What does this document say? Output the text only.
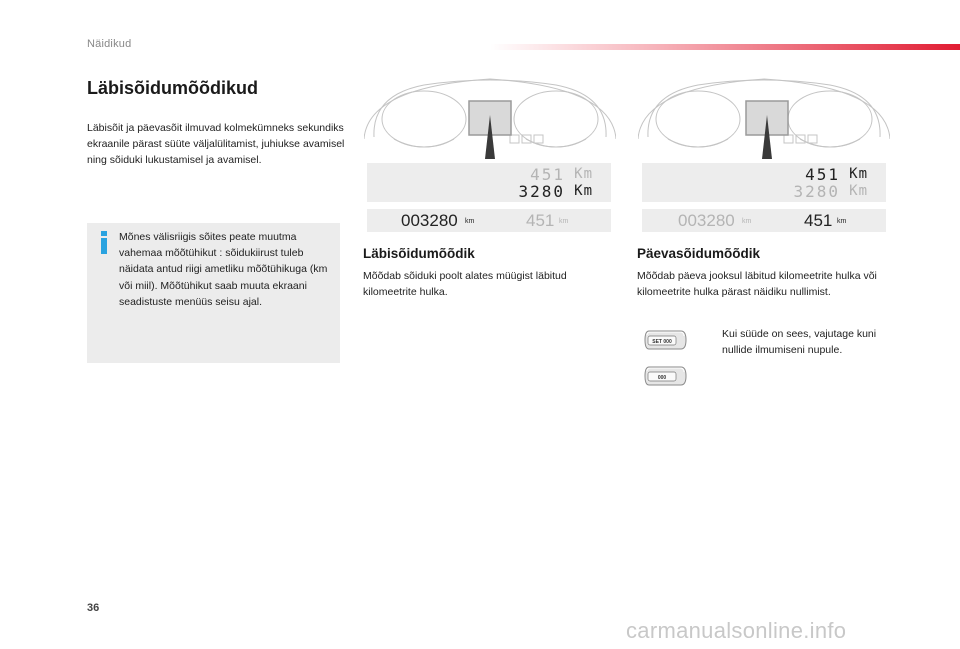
Näidikud
Läbisõidumõõdikud

Läbisõit ja päevasõit ilmuvad kolmekümneks sekundiks ekraanile pärast süüte väljalülitamist, juhiukse avamisel ning sõiduki lukustamisel ja avamisel.

Mõnes välisriigis sõites peate muutma vahemaa mõõtühikut : sõidukiirust tuleb näidata antud riigi ametliku mõõtühikuga (km või miil). Mõõtühikut saab muuta ekraani seadistuste menüüs seisu ajal.

451 Km
3280 Km
003280 km	451 km
451 Km
3280 Km
003280 km	451 km
Läbisõidumõõdik

Mõõdab sõiduki poolt alates müügist läbitud kilomeetrite hulka.

Päevasõidumõõdik

Mõõdab päeva jooksul läbitud kilomeetrite hulka või kilomeetrite hulka pärast näidiku nullimist.

SET 000
000
Kui süüde on sees, vajutage kuni nullide ilmumiseni nupule.
36
carmanualsonline.info
